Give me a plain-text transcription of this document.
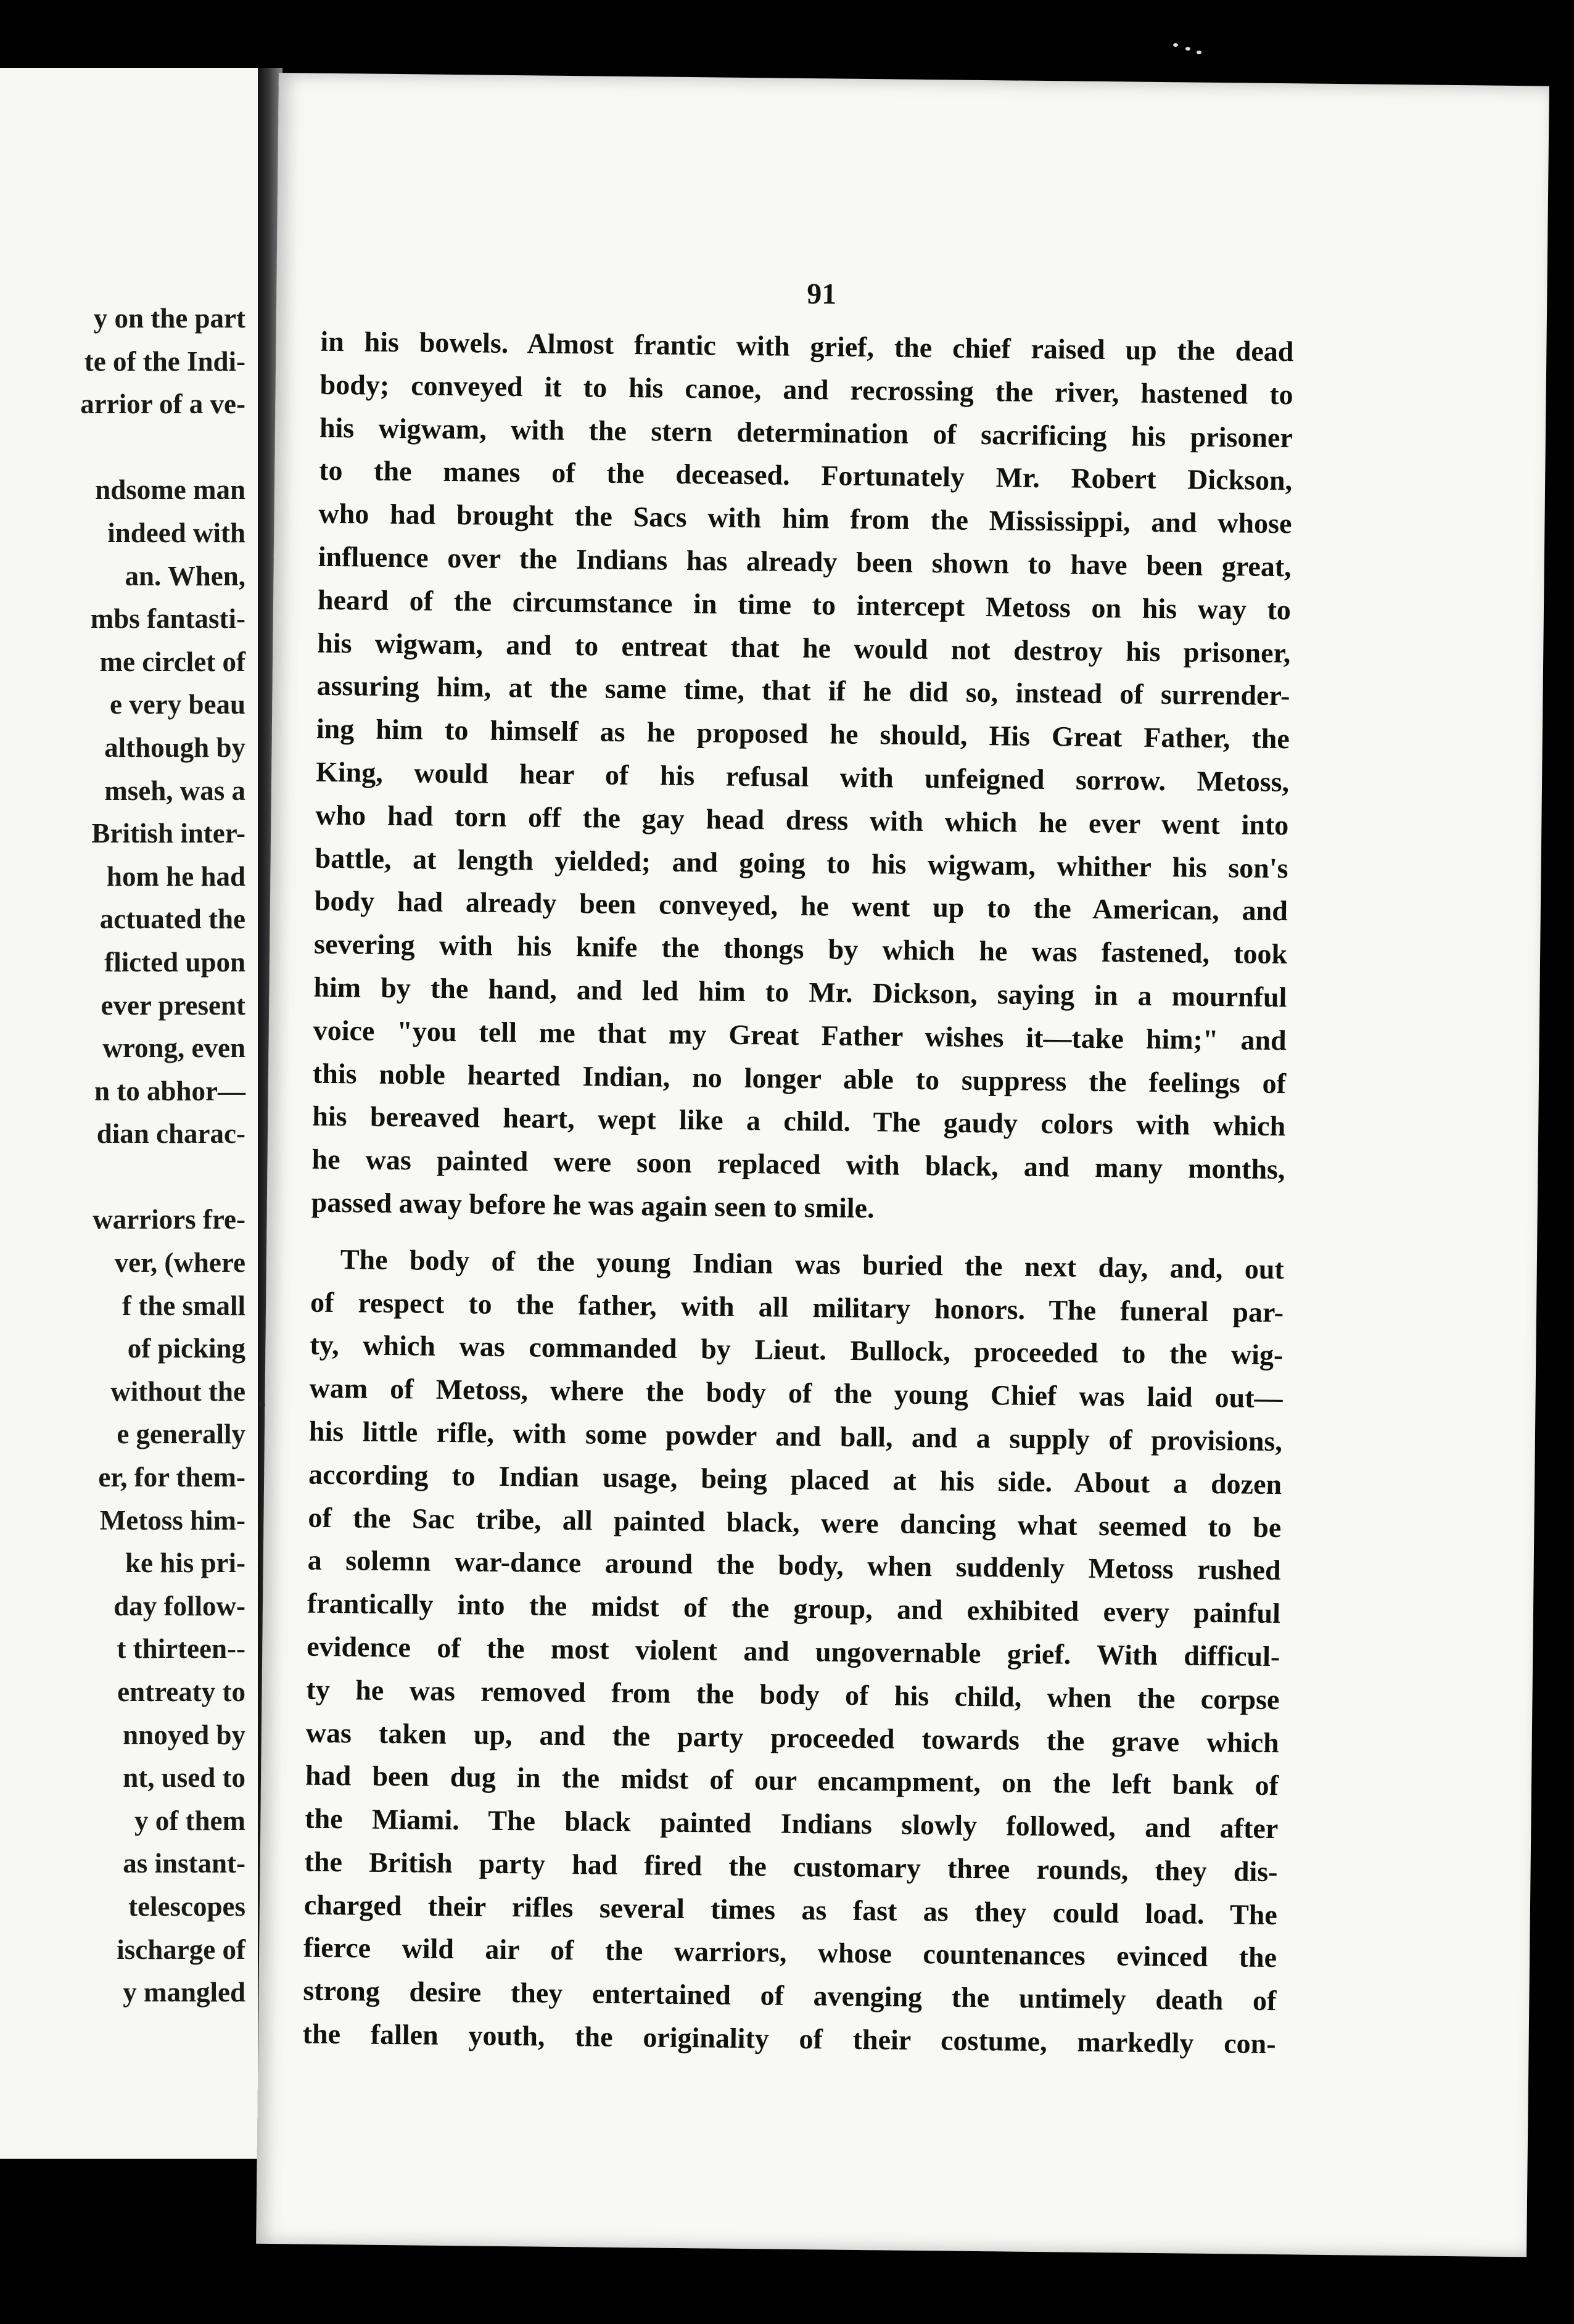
y on the part
te of the Indi-
arrior of a ve-

ndsome man
indeed with
an. When,
mbs fantasti-
me circlet of
e very beau
although by
mseh, was a
British inter-
hom he had
actuated the
flicted upon
ever present
wrong, even
n to abhor—
dian charac-

warriors fre-
ver, (where
f the small
of picking
without the
e generally
er, for them-
Metoss him-
ke his pri-
day follow-
t thirteen--
entreaty to
nnoyed by
nt, used to
y of them
as instant-
telescopes
ischarge of
y mangled
91
in his bowels. Almost frantic with grief, the chief raised up the dead
body; conveyed it to his canoe, and recrossing the river, hastened to
his wigwam, with the stern determination of sacrificing his prisoner
to the manes of the deceased. Fortunately Mr. Robert Dickson,
who had brought the Sacs with him from the Mississippi, and whose
influence over the Indians has already been shown to have been great,
heard of the circumstance in time to intercept Metoss on his way to
his wigwam, and to entreat that he would not destroy his prisoner,
assuring him, at the same time, that if he did so, instead of surrender-
ing him to himself as he proposed he should, His Great Father, the
King, would hear of his refusal with unfeigned sorrow. Metoss,
who had torn off the gay head dress with which he ever went into
battle, at length yielded; and going to his wigwam, whither his son's
body had already been conveyed, he went up to the American, and
severing with his knife the thongs by which he was fastened, took
him by the hand, and led him to Mr. Dickson, saying in a mournful
voice "you tell me that my Great Father wishes it—take him;" and
this noble hearted Indian, no longer able to suppress the feelings of
his bereaved heart, wept like a child. The gaudy colors with which
he was painted were soon replaced with black, and many months,
passed away before he was again seen to smile.
The body of the young Indian was buried the next day, and, out
of respect to the father, with all military honors. The funeral par-
ty, which was commanded by Lieut. Bullock, proceeded to the wig-
wam of Metoss, where the body of the young Chief was laid out—
his little rifle, with some powder and ball, and a supply of provisions,
according to Indian usage, being placed at his side. About a dozen
of the Sac tribe, all painted black, were dancing what seemed to be
a solemn war-dance around the body, when suddenly Metoss rushed
frantically into the midst of the group, and exhibited every painful
evidence of the most violent and ungovernable grief. With difficul-
ty he was removed from the body of his child, when the corpse
was taken up, and the party proceeded towards the grave which
had been dug in the midst of our encampment, on the left bank of
the Miami. The black painted Indians slowly followed, and after
the British party had fired the customary three rounds, they dis-
charged their rifles several times as fast as they could load. The
fierce wild air of the warriors, whose countenances evinced the
strong desire they entertained of avenging the untimely death of
the fallen youth, the originality of their costume, markedly con-
